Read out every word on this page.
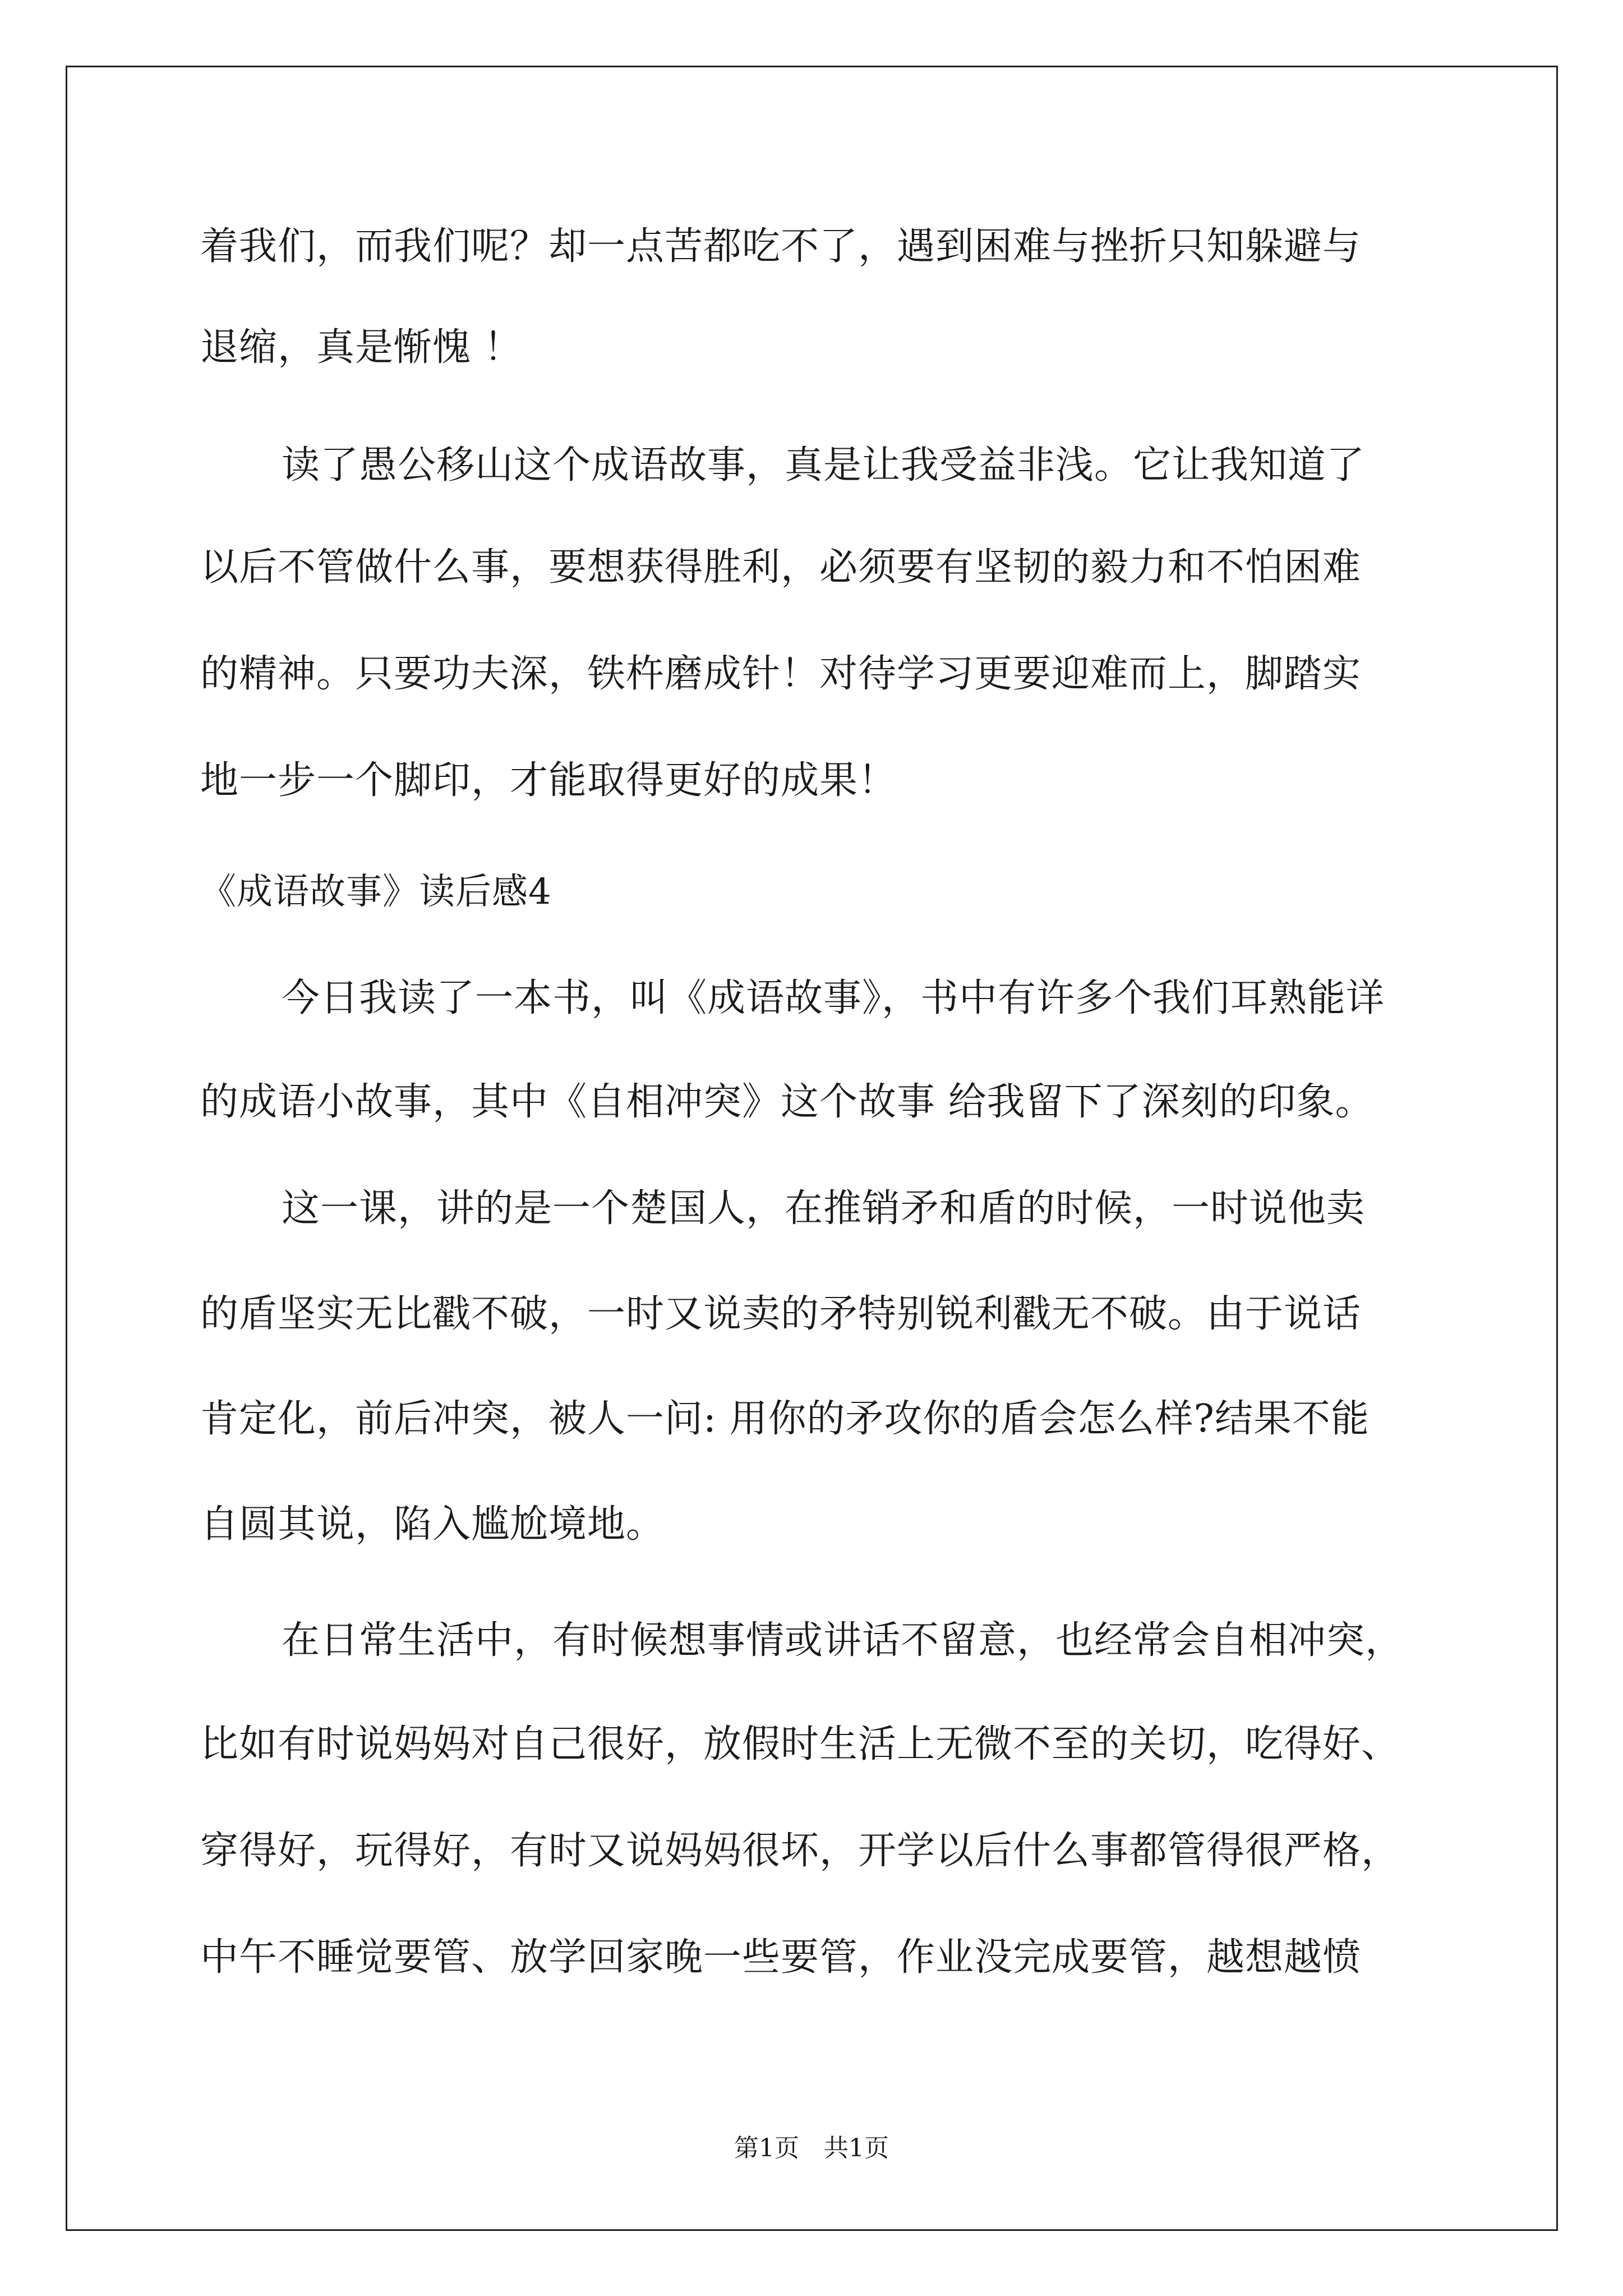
着我们，而我们呢？却一点苦都吃不了，遇到困难与挫折只知躲避与
退缩，真是惭愧 ！
读了愚公移山这个成语故事，真是让我受益非浅。它让我知道了
以后不管做什么事，要想获得胜利，必须要有坚韧的毅力和不怕困难
的精神。只要功夫深，铁杵磨成针！对待学习更要迎难而上，脚踏实
地一步一个脚印，才能取得更好的成果！
《成语故事》读后感4
今日我读了一本书，叫《成语故事》，书中有许多个我们耳熟能详
的成语小故事，其中《自相冲突》这个故事 给我留下了深刻的印象。
这一课，讲的是一个楚国人，在推销矛和盾的时候，一时说他卖
的盾坚实无比戳不破，一时又说卖的矛特别锐利戳无不破。由于说话
肯定化，前后冲突，被人一问: 用你的矛攻你的盾会怎么样?结果不能
自圆其说，陷入尴尬境地。
在日常生活中，有时候想事情或讲话不留意，也经常会自相冲突，
比如有时说妈妈对自己很好，放假时生活上无微不至的关切，吃得好、
穿得好，玩得好，有时又说妈妈很坏，开学以后什么事都管得很严格，
中午不睡觉要管、放学回家晚一些要管，作业没完成要管，越想越愤
第1页　共1页
